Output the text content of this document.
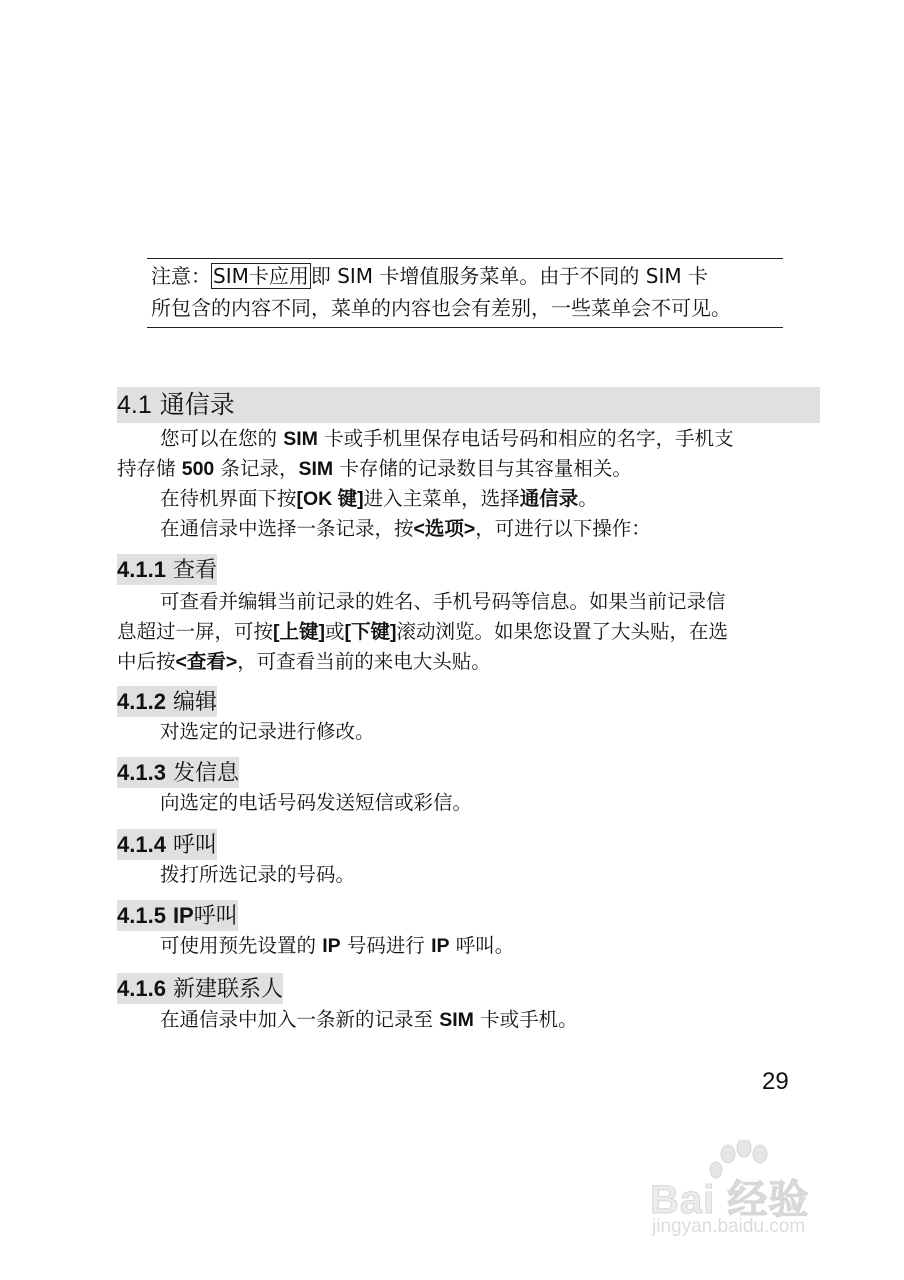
注意： SIM卡应用 即 SIM 卡增值服务菜单。由于不同的 SIM 卡
所包含的内容不同，菜单的内容也会有差别，一些菜单会不可见。
4.1 通信录
您可以在您的 SIM 卡或手机里保存电话号码和相应的名字，手机支
持存储 500 条记录，SIM 卡存储的记录数目与其容量相关。
在待机界面下按[OK 键]进入主菜单，选择通信录。
在通信录中选择一条记录，按<选项>，可进行以下操作：
4.1.1 查看
可查看并编辑当前记录的姓名、手机号码等信息。如果当前记录信
息超过一屏，可按[上键]或[下键]滚动浏览。如果您设置了大头贴，在选
中后按<查看>，可查看当前的来电大头贴。
4.1.2 编辑
对选定的记录进行修改。
4.1.3 发信息
向选定的电话号码发送短信或彩信。
4.1.4 呼叫
拨打所选记录的号码。
4.1.5 IP呼叫
可使用预先设置的 IP 号码进行 IP 呼叫。
4.1.6 新建联系人
在通信录中加入一条新的记录至 SIM 卡或手机。
29
Bai 经验
jingyan.baidu.com
